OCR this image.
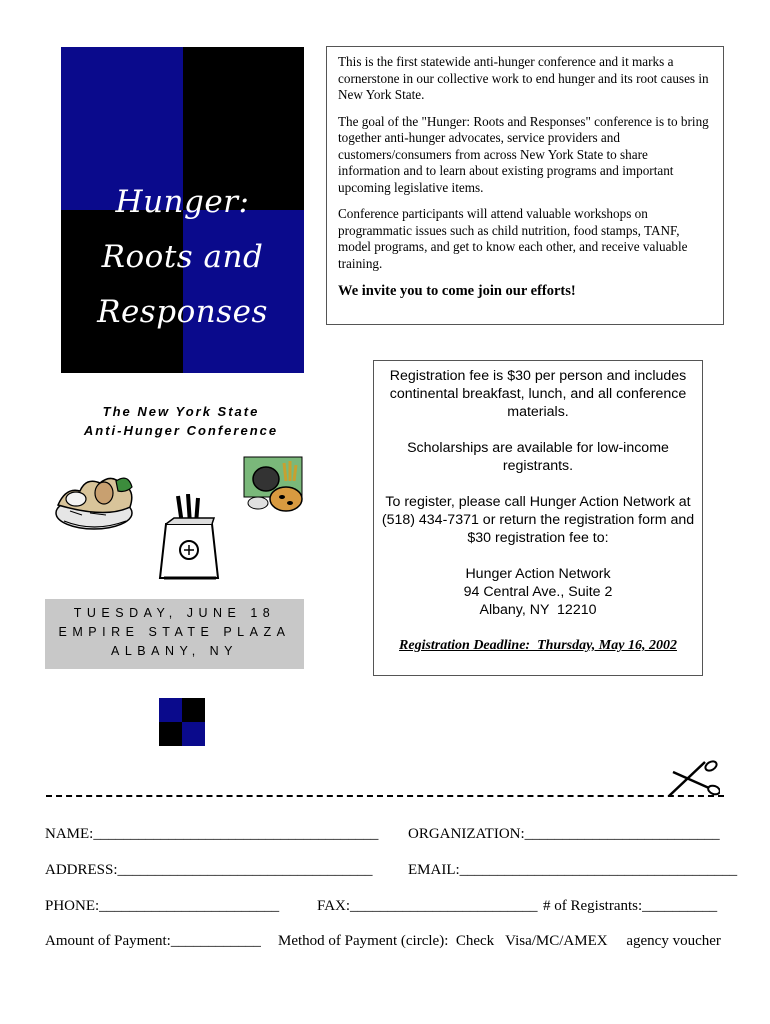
Hunger:
Roots and
Responses

This is the first statewide anti-hunger conference and it marks a cornerstone in our collective work to end hunger and its root causes in New York State.

The goal of the "Hunger: Roots and Responses" conference is to bring together anti-hunger advocates, service providers and customers/consumers from across New York State to share information and to learn about existing programs and important upcoming legislative items.

Conference participants will attend valuable workshops on programmatic issues such as child nutrition, food stamps, TANF, model programs, and get to know each other, and receive valuable training.

We invite you to come join our efforts!

The New York State
Anti-Hunger Conference
TUESDAY, JUNE 18
EMPIRE STATE PLAZA
ALBANY, NY

Registration fee is $30 per person and includes continental breakfast, lunch, and all conference materials.

Scholarships are available for low-income registrants.

To register, please call Hunger Action Network at (518) 434-7371 or return the registration form and $30 registration fee to:

Hunger Action Network
94 Central Ave., Suite 2
Albany, NY  12210

Registration Deadline:  Thursday, May 16, 2002

NAME:______________________________________ ORGANIZATION:__________________________
ADDRESS:__________________________________ EMAIL:_____________________________________
PHONE:________________________	FAX:_________________________ # of Registrants:__________
Amount of Payment:____________ Method of Payment (circle):  Check   Visa/MC/AMEX     agency voucher
